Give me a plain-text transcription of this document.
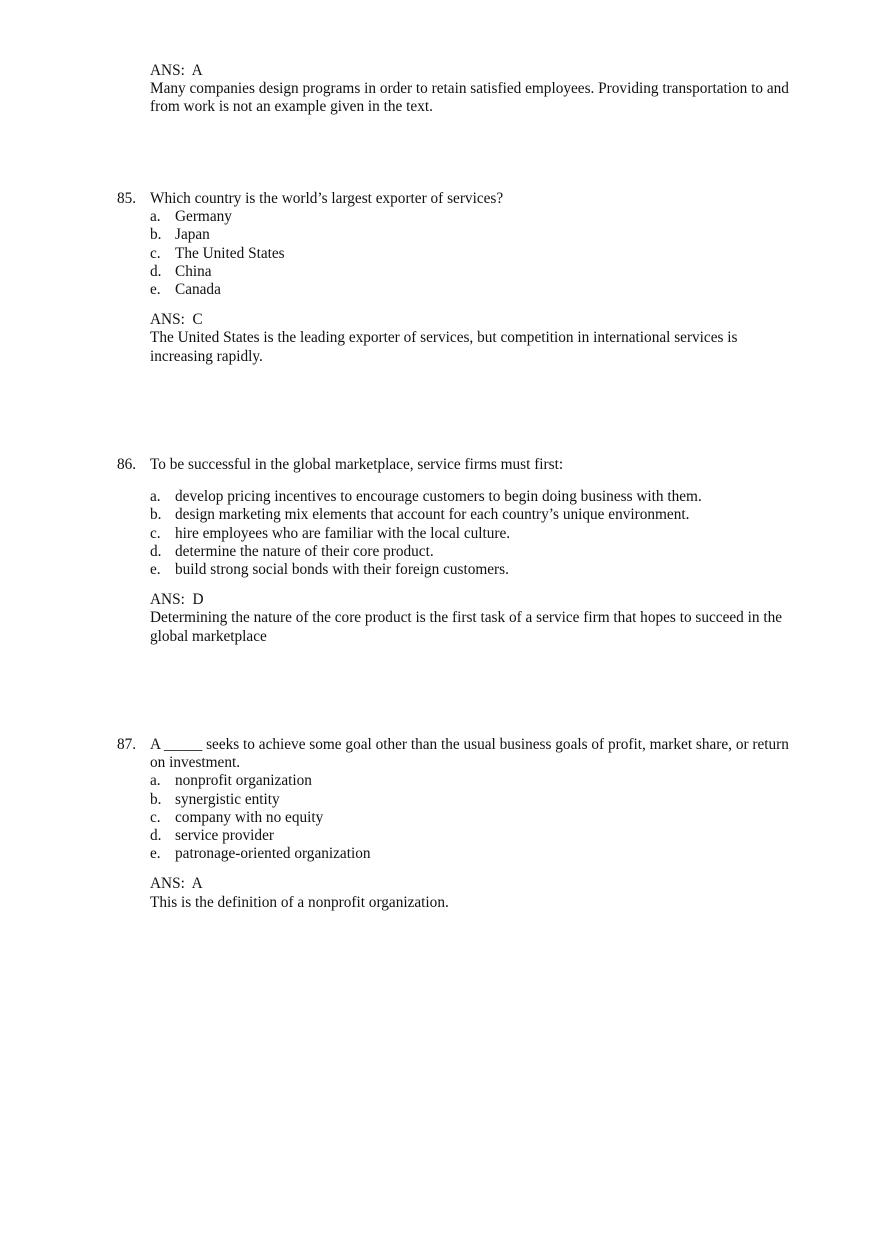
ANS:  A
Many companies design programs in order to retain satisfied employees. Providing transportation to and from work is not an example given in the text.
85. Which country is the world’s largest exporter of services?
a. Germany
b. Japan
c. The United States
d. China
e. Canada
ANS:  C
The United States is the leading exporter of services, but competition in international services is increasing rapidly.
86. To be successful in the global marketplace, service firms must first:
a. develop pricing incentives to encourage customers to begin doing business with them.
b. design marketing mix elements that account for each country’s unique environment.
c. hire employees who are familiar with the local culture.
d. determine the nature of their core product.
e. build strong social bonds with their foreign customers.
ANS:  D
Determining the nature of the core product is the first task of a service firm that hopes to succeed in the global marketplace
87. A _____ seeks to achieve some goal other than the usual business goals of profit, market share, or return on investment.
a. nonprofit organization
b. synergistic entity
c. company with no equity
d. service provider
e. patronage-oriented organization
ANS:  A
This is the definition of a nonprofit organization.
